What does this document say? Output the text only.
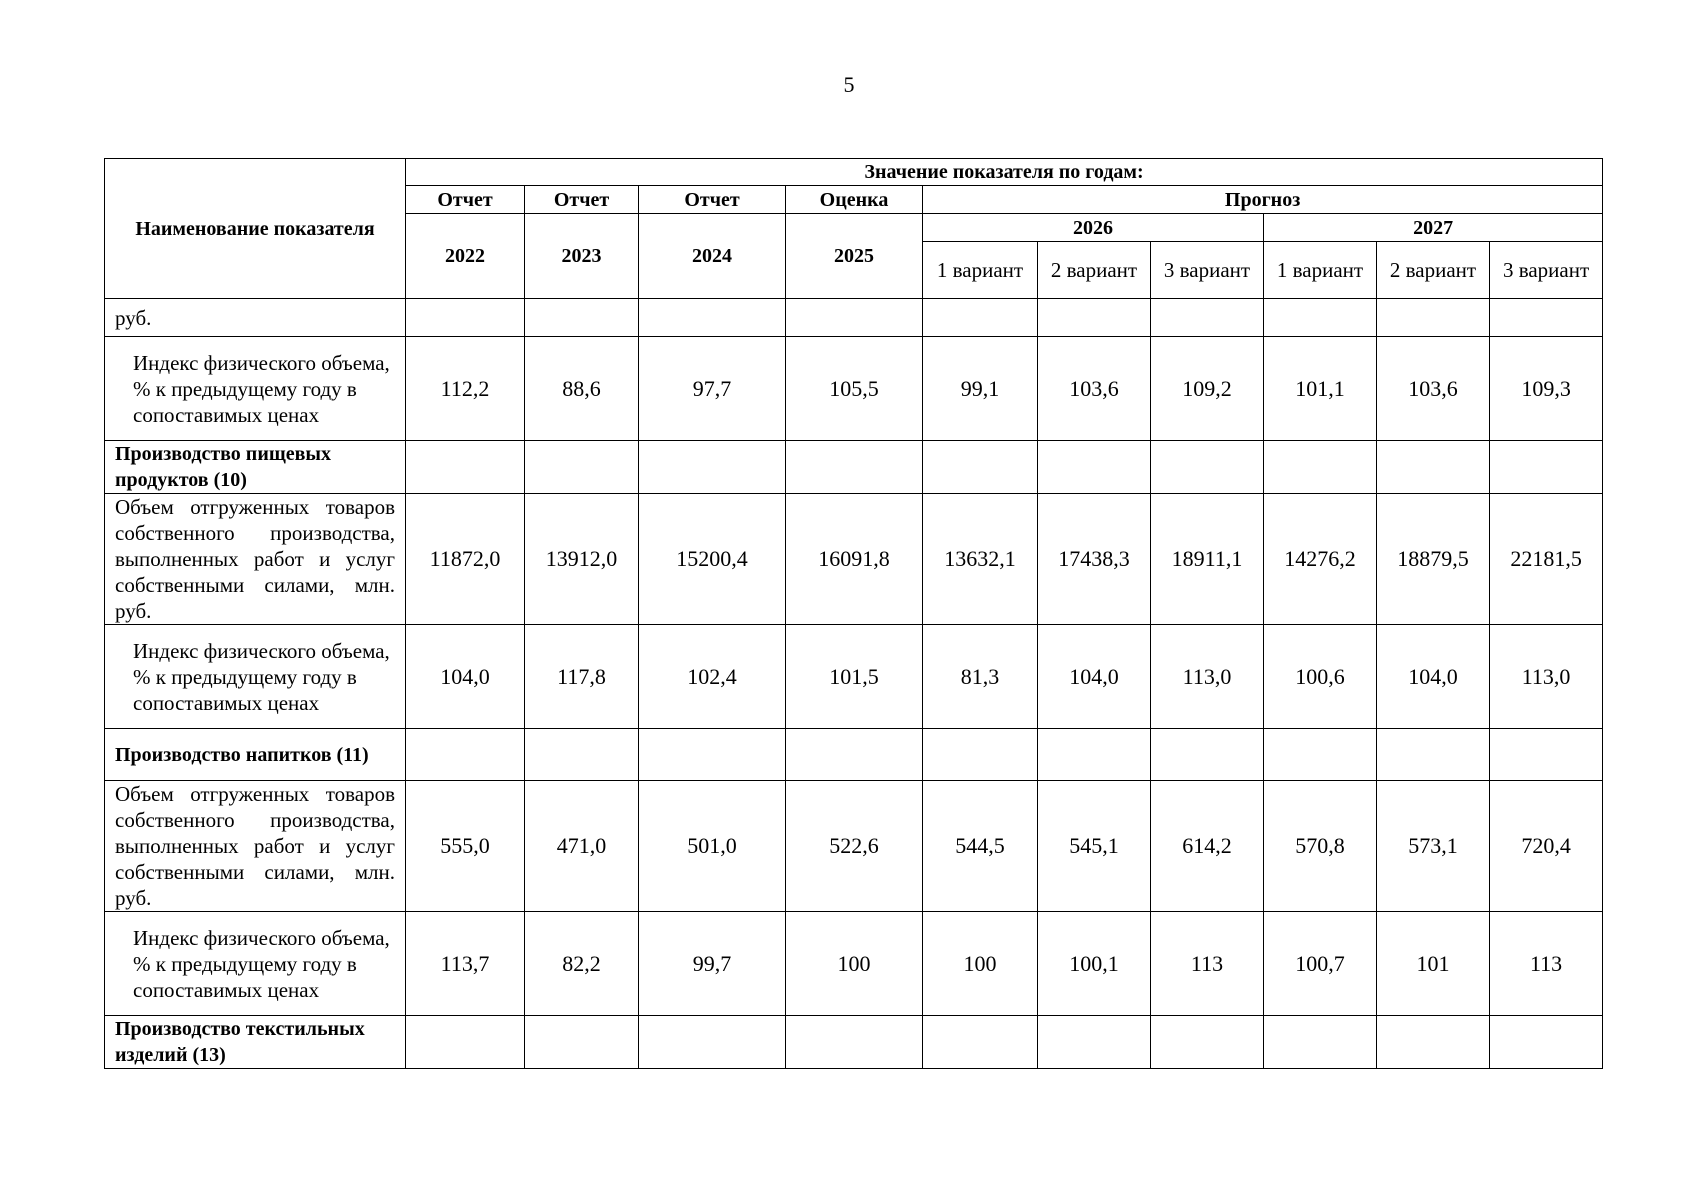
5
Наименование показателя	Значение показателя по годам:									
	Отчет	Отчет	Отчет	Оценка	Прогноз					
	2022	2023	2024	2025	2026			2027		
					1 вариант	2 вариант	3 вариант	1 вариант	2 вариант	3 вариант
руб.										
Индекс физического объема, % к предыдущему году в сопоставимых ценах	112,2	88,6	97,7	105,5	99,1	103,6	109,2	101,1	103,6	109,3
Производство пищевых продуктов (10)										
Объем отгруженных товаров собственного производства, выполненных работ и услуг собственными силами, млн. руб.	11872,0	13912,0	15200,4	16091,8	13632,1	17438,3	18911,1	14276,2	18879,5	22181,5
Индекс физического объема, % к предыдущему году в сопоставимых ценах	104,0	117,8	102,4	101,5	81,3	104,0	113,0	100,6	104,0	113,0
Производство напитков (11)										
Объем отгруженных товаров собственного производства, выполненных работ и услуг собственными силами, млн. руб.	555,0	471,0	501,0	522,6	544,5	545,1	614,2	570,8	573,1	720,4
Индекс физического объема, % к предыдущему году в сопоставимых ценах	113,7	82,2	99,7	100	100	100,1	113	100,7	101	113
Производство текстильных изделий (13)										
